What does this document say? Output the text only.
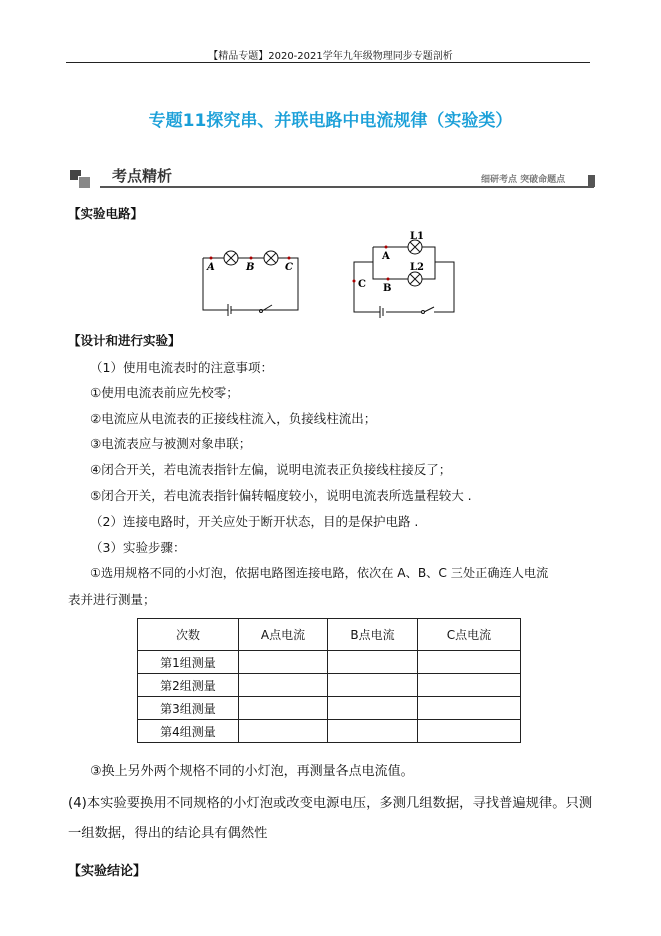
【精品专题】2020-2021学年九年级物理同步专题剖析
专题11探究串、并联电路中电流规律（实验类）
考点精析	细研考点 突破命题点
【实验电路】
A	B	C
A
B
C
L1
L2
【设计和进行实验】
（1）使用电流表时的注意事项：
①使用电流表前应先校零；
②电流应从电流表的正接线柱流入，负接线柱流出；
③电流表应与被测对象串联；
④闭合开关，若电流表指针左偏，说明电流表正负接线柱接反了；
⑤闭合开关，若电流表指针偏转幅度较小，说明电流表所选量程较大 .
（2）连接电路时，开关应处于断开状态，目的是保护电路 .
（3）实验步骤：
①选用规格不同的小灯泡，依据电路图连接电路，依次在 A、B、C 三处正确连人电流
表并进行测量；
次数	A点电流	B点电流	C点电流
第1组测量			
第2组测量			
第3组测量			
第4组测量			
③换上另外两个规格不同的小灯泡，再测量各点电流值。
(4)本实验要换用不同规格的小灯泡或改变电源电压，多测几组数据，寻找普遍规律。只测
一组数据，得出的结论具有偶然性
【实验结论】
